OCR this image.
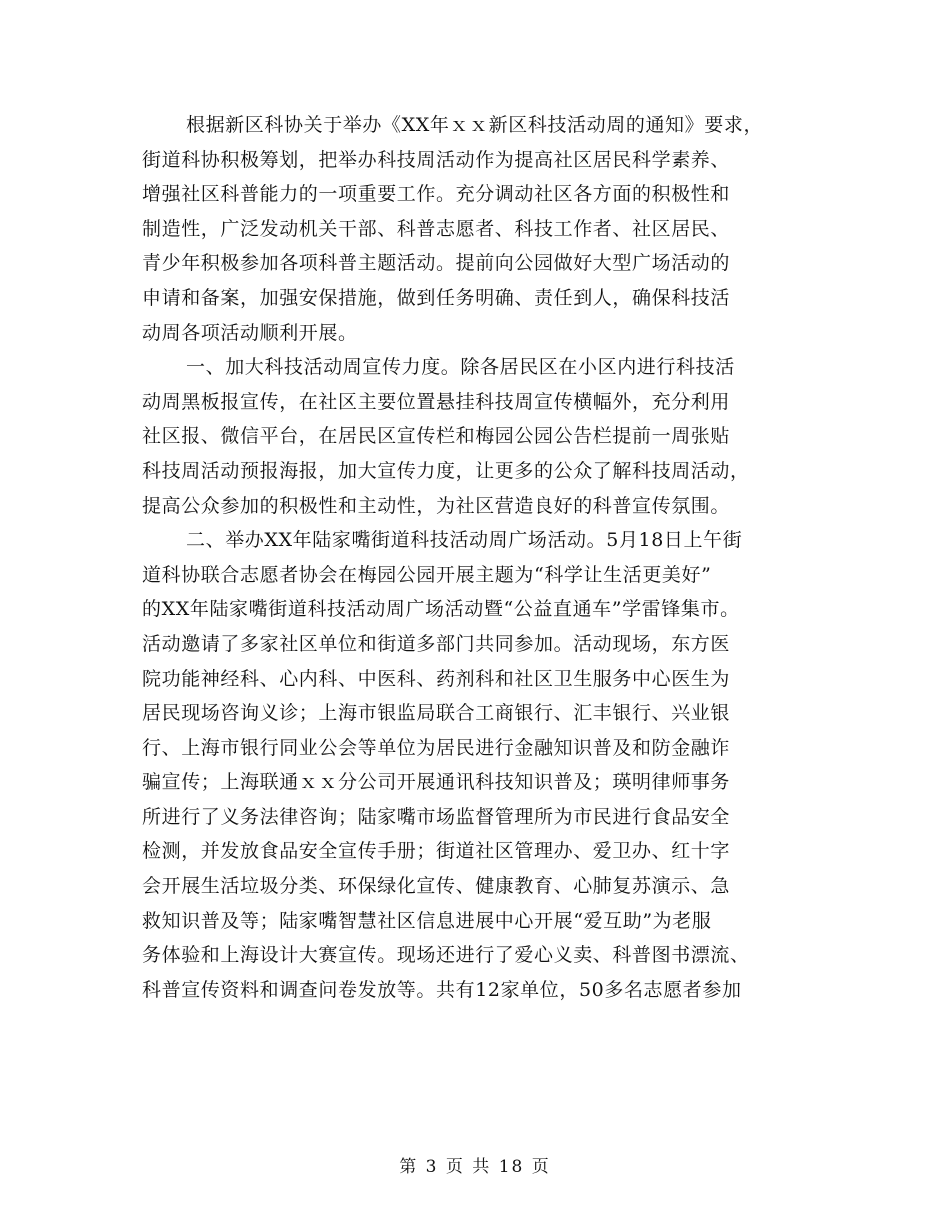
根据新区科协关于举办《XX年ｘｘ新区科技活动周的通知》要求，
街道科协积极筹划，把举办科技周活动作为提高社区居民科学素养、
增强社区科普能力的一项重要工作。充分调动社区各方面的积极性和
制造性，广泛发动机关干部、科普志愿者、科技工作者、社区居民、
青少年积极参加各项科普主题活动。提前向公园做好大型广场活动的
申请和备案，加强安保措施，做到任务明确、责任到人，确保科技活
动周各项活动顺利开展。
一、加大科技活动周宣传力度。除各居民区在小区内进行科技活
动周黑板报宣传，在社区主要位置悬挂科技周宣传横幅外，充分利用
社区报、微信平台，在居民区宣传栏和梅园公园公告栏提前一周张贴
科技周活动预报海报，加大宣传力度，让更多的公众了解科技周活动，
提高公众参加的积极性和主动性，为社区营造良好的科普宣传氛围。
二、举办XX年陆家嘴街道科技活动周广场活动。5月18日上午街
道科协联合志愿者协会在梅园公园开展主题为“科学让生活更美好”
的XX年陆家嘴街道科技活动周广场活动暨“公益直通车”学雷锋集市。
活动邀请了多家社区单位和街道多部门共同参加。活动现场，东方医
院功能神经科、心内科、中医科、药剂科和社区卫生服务中心医生为
居民现场咨询义诊；上海市银监局联合工商银行、汇丰银行、兴业银
行、上海市银行同业公会等单位为居民进行金融知识普及和防金融诈
骗宣传；上海联通ｘｘ分公司开展通讯科技知识普及；瑛明律师事务
所进行了义务法律咨询；陆家嘴市场监督管理所为市民进行食品安全
检测，并发放食品安全宣传手册；街道社区管理办、爱卫办、红十字
会开展生活垃圾分类、环保绿化宣传、健康教育、心肺复苏演示、急
救知识普及等；陆家嘴智慧社区信息进展中心开展“爱互助”为老服
务体验和上海设计大赛宣传。现场还进行了爱心义卖、科普图书漂流、
科普宣传资料和调查问卷发放等。共有12家单位，50多名志愿者参加
第 3 页 共 18 页
